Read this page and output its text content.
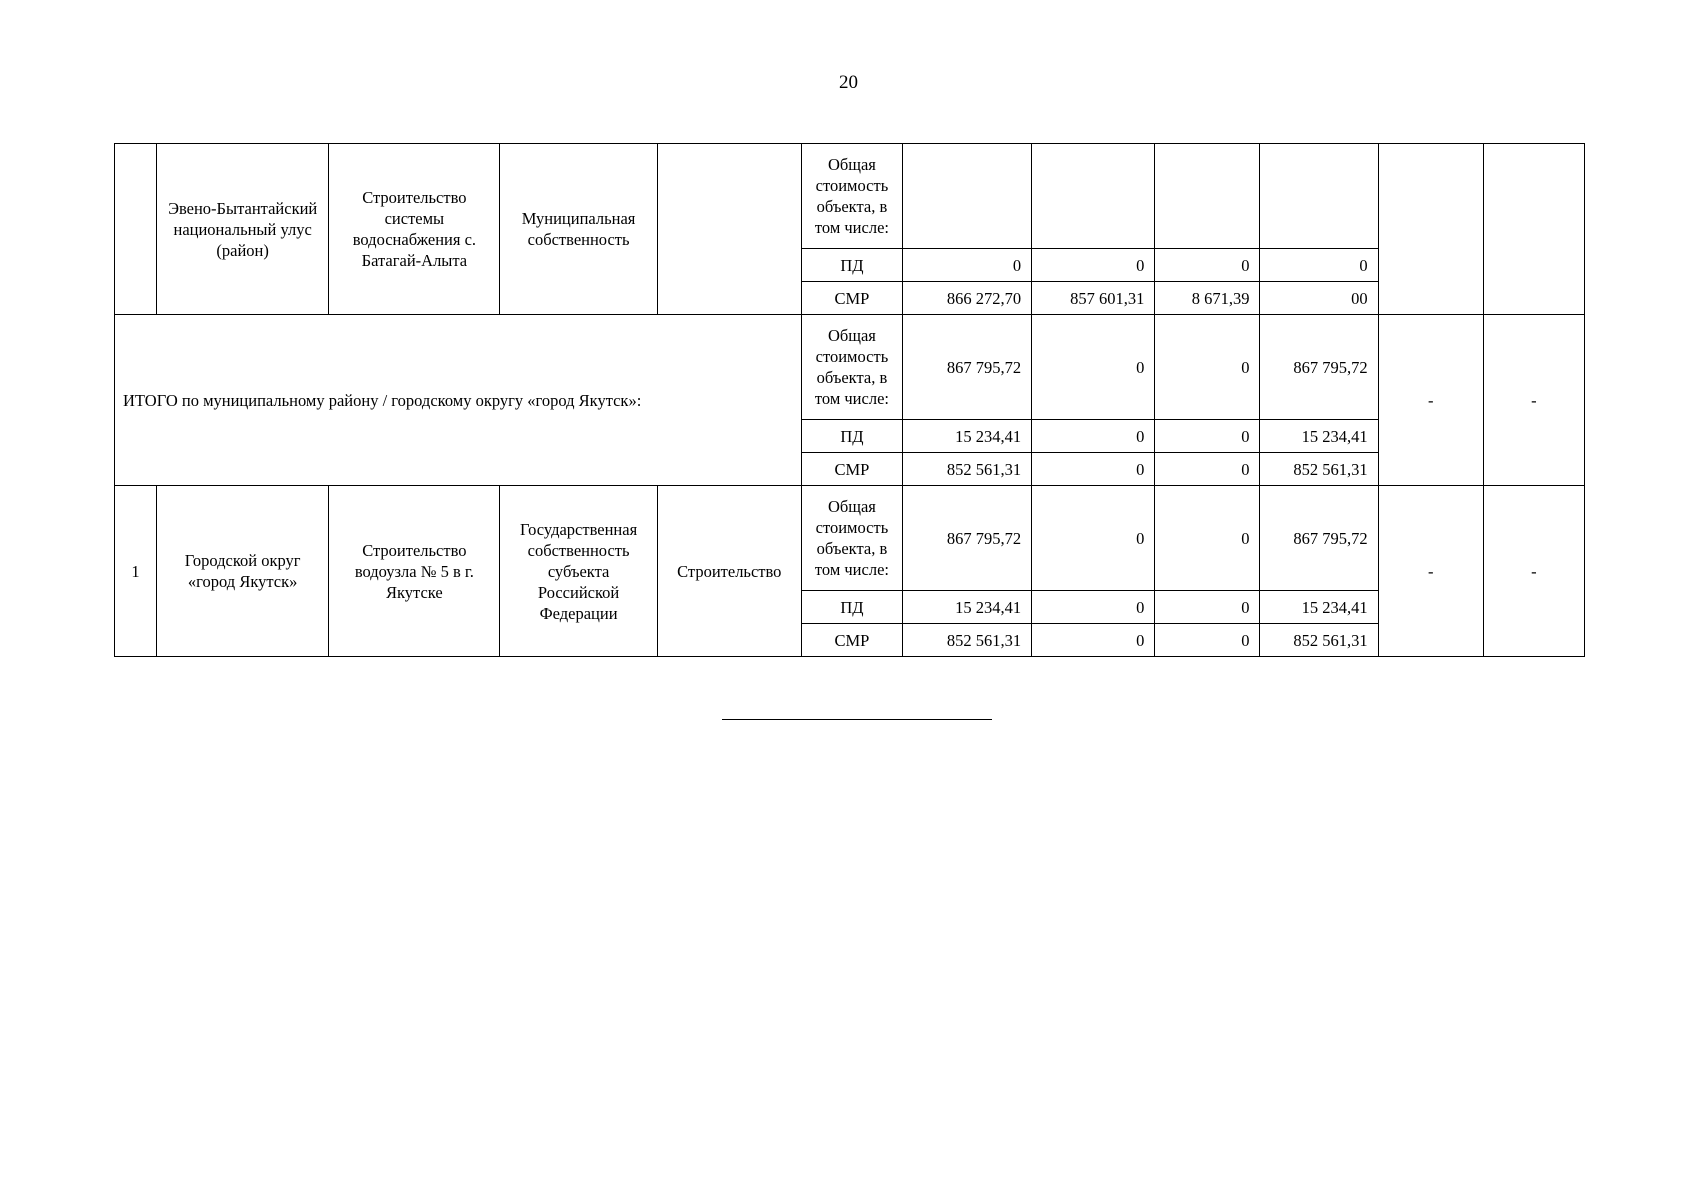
20
	Эвено-Бытантайский национальный улус (район)	Строительство системы водоснабжения с. Батагай-Алыта	Муниципальная собственность		Общая стоимость объекта, в том числе:						
					ПД	0	0	0	0		
					СМР	866 272,70	857 601,31	8 671,39	00		
ИТОГО по муниципальному району / городскому округу «город Якутск»:					Общая стоимость объекта, в том числе:	867 795,72	0	0	867 795,72	-	-
					ПД	15 234,41	0	0	15 234,41		
					СМР	852 561,31	0	0	852 561,31		
1	Городской округ «город Якутск»	Строительство водоузла № 5 в г. Якутске	Государственная собственность субъекта Российской Федерации	Строительство	Общая стоимость объекта, в том числе:	867 795,72	0	0	867 795,72	-	-
					ПД	15 234,41	0	0	15 234,41		
					СМР	852 561,31	0	0	852 561,31		
